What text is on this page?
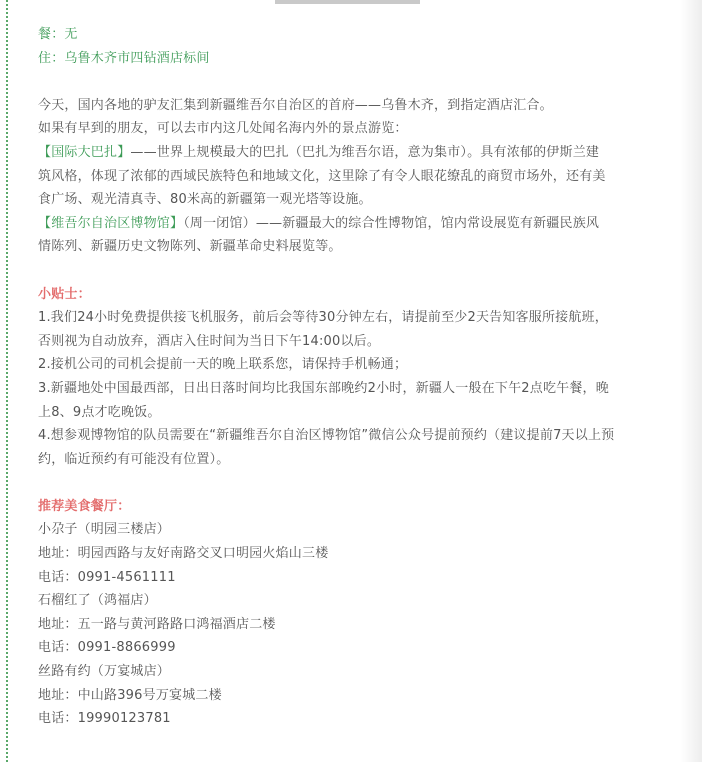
餐：无
住：乌鲁木齐市四钻酒店标间
今天，国内各地的驴友汇集到新疆维吾尔自治区的首府——乌鲁木齐，到指定酒店汇合。
如果有早到的朋友，可以去市内这几处闻名海内外的景点游览：
【国际大巴扎】——世界上规模最大的巴扎（巴扎为维吾尔语，意为集市）。具有浓郁的伊斯兰建
筑风格，体现了浓郁的西域民族特色和地域文化，这里除了有令人眼花缭乱的商贸市场外，还有美
食广场、观光清真寺、80米高的新疆第一观光塔等设施。
【维吾尔自治区博物馆】（周一闭馆）——新疆最大的综合性博物馆，馆内常设展览有新疆民族风
情陈列、新疆历史文物陈列、新疆革命史料展览等。
小贴士：
1.我们24小时免费提供接飞机服务，前后会等待30分钟左右，请提前至少2天告知客服所接航班，
否则视为自动放弃，酒店入住时间为当日下午14:00以后。
2.接机公司的司机会提前一天的晚上联系您，请保持手机畅通；
3.新疆地处中国最西部，日出日落时间均比我国东部晚约2小时，新疆人一般在下午2点吃午餐，晚
上8、9点才吃晚饭。
4.想参观博物馆的队员需要在“新疆维吾尔自治区博物馆”微信公众号提前预约（建议提前7天以上预
约，临近预约有可能没有位置）。
推荐美食餐厅：
小尕子（明园三楼店）
地址：明园西路与友好南路交叉口明园火焰山三楼
电话：0991-4561111
石榴红了（鸿福店）
地址：五一路与黄河路路口鸿福酒店二楼
电话：0991-8866999
丝路有约（万宴城店）
地址：中山路396号万宴城二楼
电话：19990123781
